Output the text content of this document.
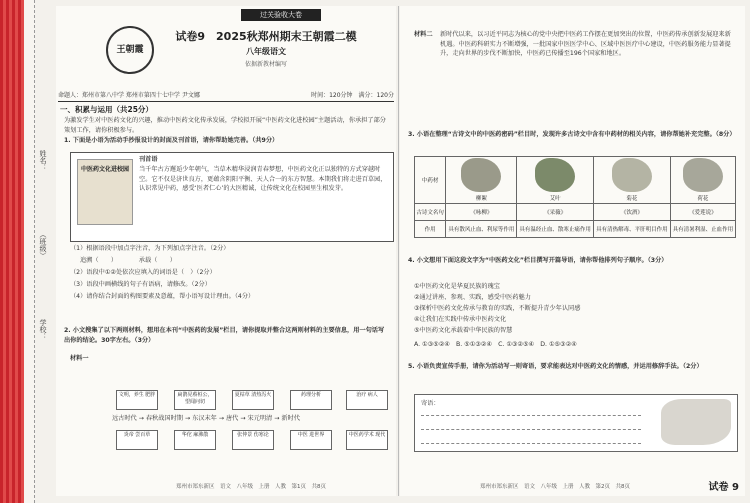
姓名：
（班级）
学校：
过关验收大卷
王朝霞
试卷9　2025秋郑州期末王朝霞二模
八年级语文
依据新教材编写
命题人：郑州市第八中学 郑州市第四十七中学 尹文娜	时间：120分钟　满分：120分
一、积累与运用（共25分）
为激发学生对中医药文化的兴趣，推动中医药文化传承发展，学校拟开展“中医药文化进校园”主题活动，你承担了部分策划工作，请你积极参与。
1. 下面是小语为活动手抄报设计的封面及刊首语，请你帮助她完善。（共9分）
中医药文化进校园
刊首语
当千年古方邂逅少年朝气，当草木精华浸润青春梦想，中医药文化正以独特的方式穿越时空。它不仅是济世良方，更蕴含阴阳平衡、天人合一的东方智慧。本期我们将走进百草园，认识常见中药，感受‘医者仁心’的大医精诚，让传统文化在校园里生根发芽。
（1）根据语段中加点字注音，为下列加点字注音。（2分）
追溯（　　）　　　　承载（　　）
（2）语段中①②处依次应填入的词语是（　）（2分）
（3）语段中画横线的句子有语病，请修改。（2分）
（4）请你结合封面的构图要素及意蕴，帮小语写设计理由。（4分）
2. 小文搜集了以下两则材料，想用在本刊“中医药的发展”栏目，请你提取并整合这两则材料的主要信息，用一句话写出你的结论。30字左右。（3分）
材料一
文明，养生 肥胖	扁鹊见蔡桓公，望闻问切
夏枯草 清热泻火	药理分析	治疗 病人
远古时代 → 春秋战国时期 → 东汉末年 → 唐代 → 宋元明清 → 新时代
炎帝 尝百草	华佗 麻沸散	张仲景 伤寒论	中医 进世界	中医药学术 现代
郑州市郑东新区　语文　八年级　上册　人教　第1页　共8页
材料二 新时代以来，以习近平同志为核心的党中央把中医药工作摆在更加突出的位置，中医药传承创新发展迎来新机遇。中医药科研实力不断增强，一批国家中医医学中心、区域中医医疗中心建设，中医药服务能力显著提升，走向世界的步伐不断加快，中医药已传播至196个国家和地区。
3. 小语在整理“古诗文中的中医药密码”栏目时，发现许多古诗文中含有中药材的相关内容，请你帮她补充完整。（8分）
中药材	柳絮	艾叶	菊花	荷花

古诗文名句	《咏柳》	《采薇》	《饮酒》	《爱莲说》
作用	具有散风止血、利尿等作用	具有温经止血、散寒止痛作用	具有清热解毒、平肝明目作用	具有清暑利湿、止血作用
4. 小文想用下面这段文字为“中医药文化”栏目撰写开篇导语，请你帮他排列句子顺序。（3分）
①中医药文化是华夏民族的瑰宝
②通过讲座、参观、实践，感受中医药魅力
③探析中医药文化传承与教育的实践，不断提升青少年认同感
④让我们在实践中传承中医药文化
⑤中医药文化承载着中华民族的智慧
A. ①③⑤②④　B. ⑤①③②④　C. ①③②⑤④　D. ①⑤③②④
5. 小语负责宣传手册，请你为活动写一则寄语，要求能表达对中医药文化的情感，并运用修辞手法。（2分）
寄语：
郑州市郑东新区　语文　八年级　上册　人教　第2页　共8页	试卷 9
